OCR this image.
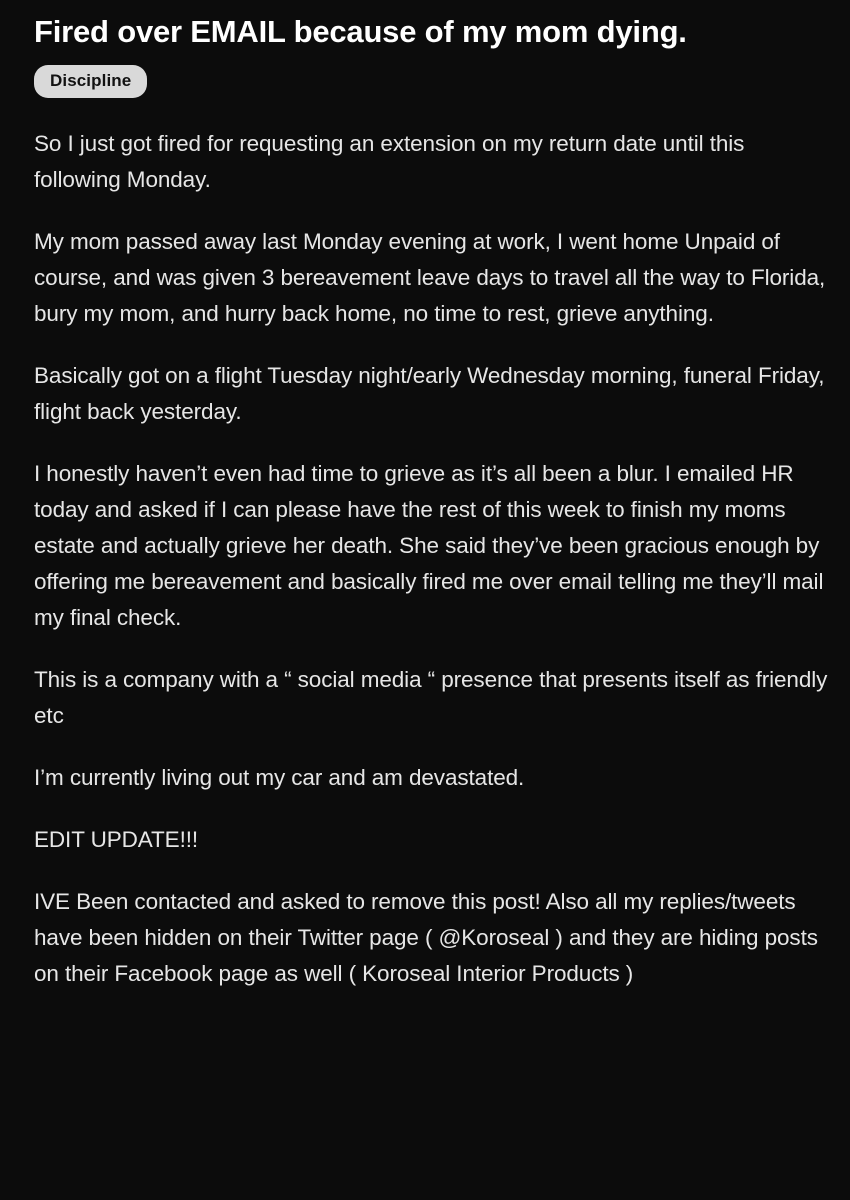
Fired over EMAIL because of my mom dying.
Discipline

So I just got fired for requesting an extension on my return date until this following Monday.

My mom passed away last Monday evening at work, I went home Unpaid of course, and was given 3 bereavement leave days to travel all the way to Florida, bury my mom, and hurry back home, no time to rest, grieve anything.

Basically got on a flight Tuesday night/early Wednesday morning, funeral Friday, flight back yesterday.

I honestly haven’t even had time to grieve as it’s all been a blur. I emailed HR today and asked if I can please have the rest of this week to finish my moms estate and actually grieve her death. She said they’ve been gracious enough by offering me bereavement and basically fired me over email telling me they’ll mail my final check.

This is a company with a “ social media “ presence that presents itself as friendly etc

I’m currently living out my car and am devastated.

EDIT UPDATE!!!

IVE Been contacted and asked to remove this post! Also all my replies/tweets have been hidden on their Twitter page ( @Koroseal ) and they are hiding posts on their Facebook page as well ( Koroseal Interior Products )
